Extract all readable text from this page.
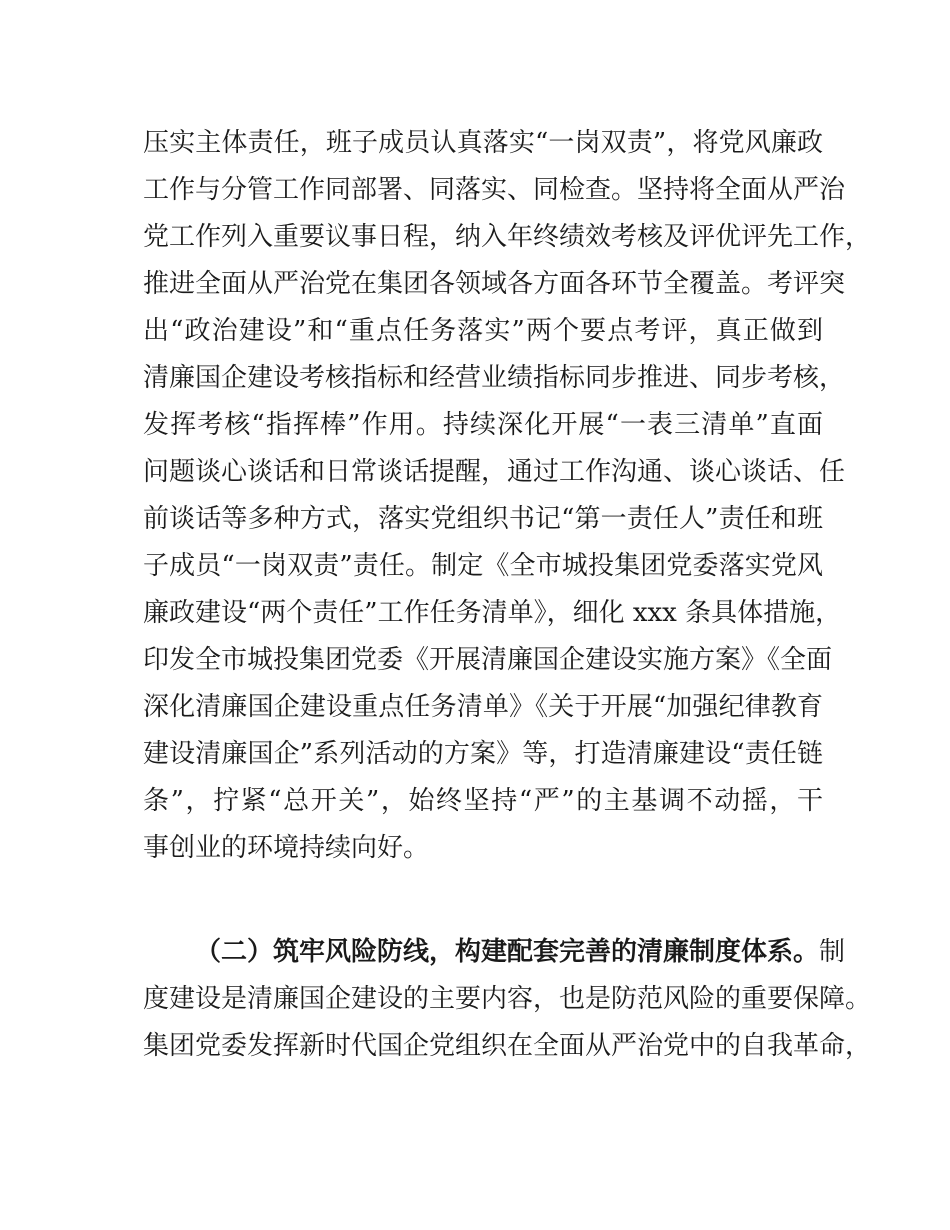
压实主体责任，班子成员认真落实“一岗双责”，将党风廉政
工作与分管工作同部署、同落实、同检查。坚持将全面从严治
党工作列入重要议事日程，纳入年终绩效考核及评优评先工作，
推进全面从严治党在集团各领域各方面各环节全覆盖。考评突
出“政治建设”和“重点任务落实”两个要点考评，真正做到
清廉国企建设考核指标和经营业绩指标同步推进、同步考核，
发挥考核“指挥棒”作用。持续深化开展“一表三清单”直面
问题谈心谈话和日常谈话提醒，通过工作沟通、谈心谈话、任
前谈话等多种方式，落实党组织书记“第一责任人”责任和班
子成员“一岗双责”责任。制定《全市城投集团党委落实党风
廉政建设“两个责任”工作任务清单》，细化 xxx 条具体措施，
印发全市城投集团党委《开展清廉国企建设实施方案》《全面
深化清廉国企建设重点任务清单》《关于开展“加强纪律教育
建设清廉国企”系列活动的方案》等，打造清廉建设“责任链
条”，拧紧“总开关”，始终坚持“严”的主基调不动摇，干
事创业的环境持续向好。
（二）筑牢风险防线，构建配套完善的清廉制度体系。 制
度建设是清廉国企建设的主要内容，也是防范风险的重要保障。
集团党委发挥新时代国企党组织在全面从严治党中的自我革命，
